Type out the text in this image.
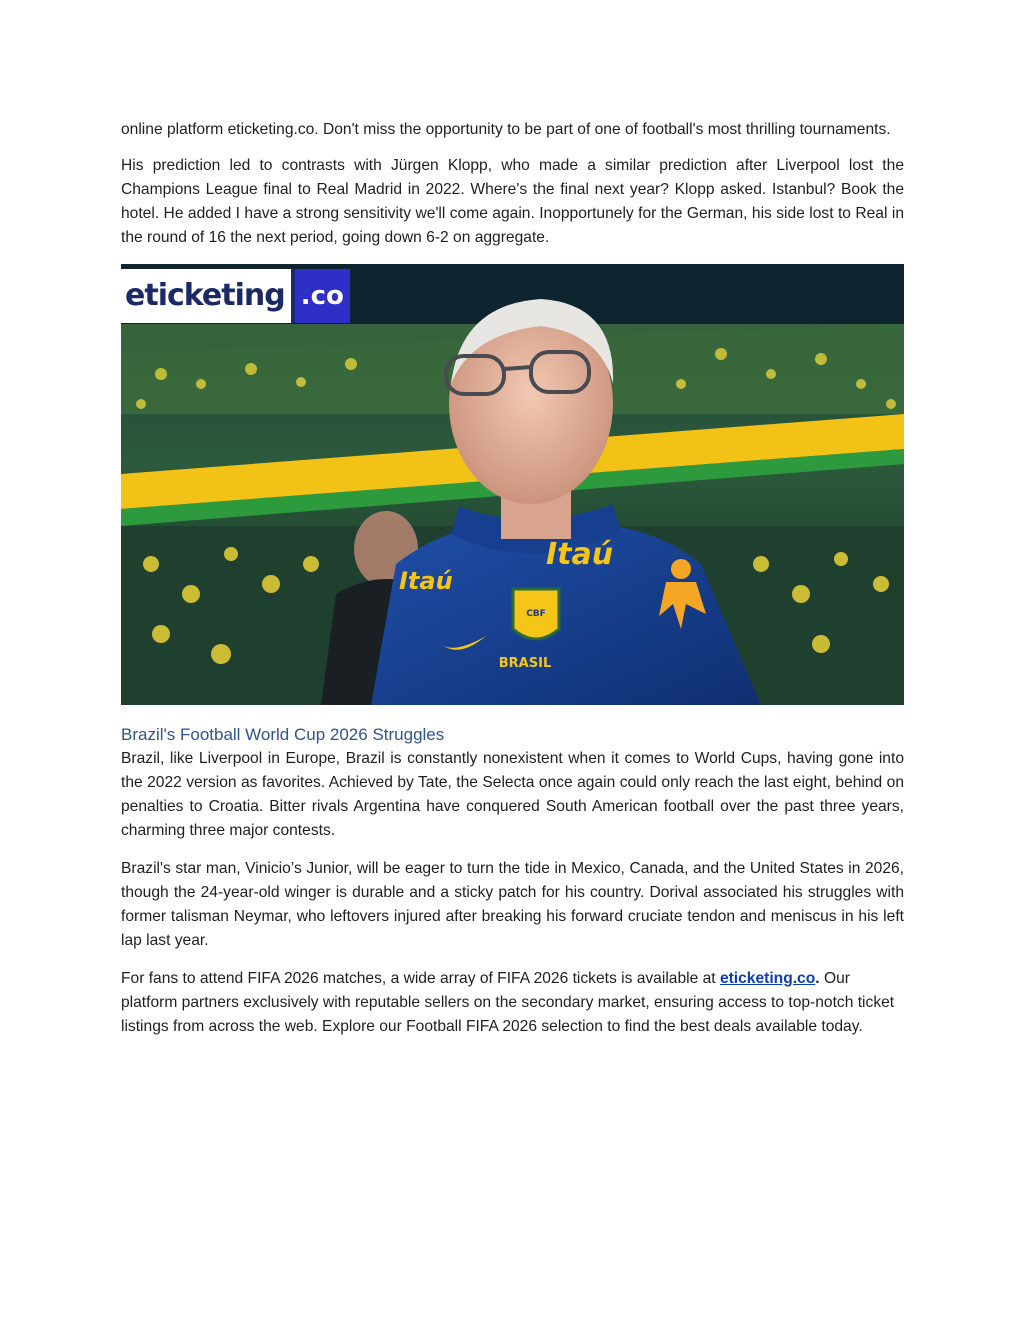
online platform eticketing.co. Don't miss the opportunity to be part of one of football's most thrilling tournaments.

His prediction led to contrasts with Jürgen Klopp, who made a similar prediction after Liverpool lost the Champions League final to Real Madrid in 2022. Where's the final next year? Klopp asked. Istanbul? Book the hotel. He added I have a strong sensitivity we'll come again. Inopportunely for the German, his side lost to Real in the round of 16 the next period, going down 6-2 on aggregate.

Itaú
Itaú
CBF
BRASIL
eticketing .co
Brazil's Football World Cup 2026 Struggles

Brazil, like Liverpool in Europe, Brazil is constantly nonexistent when it comes to World Cups, having gone into the 2022 version as favorites. Achieved by Tate, the Selecta once again could only reach the last eight, behind on penalties to Croatia. Bitter rivals Argentina have conquered South American football over the past three years, charming three major contests.

Brazil's star man, Vinicio’s Junior, will be eager to turn the tide in Mexico, Canada, and the United States in 2026, though the 24-year-old winger is durable and a sticky patch for his country. Dorival associated his struggles with former talisman Neymar, who leftovers injured after breaking his forward cruciate tendon and meniscus in his left lap last year.

For fans to attend FIFA 2026 matches, a wide array of FIFA 2026 tickets is available at eticketing.co. Our platform partners exclusively with reputable sellers on the secondary market, ensuring access to top-notch ticket listings from across the web. Explore our Football FIFA 2026 selection to find the best deals available today.
